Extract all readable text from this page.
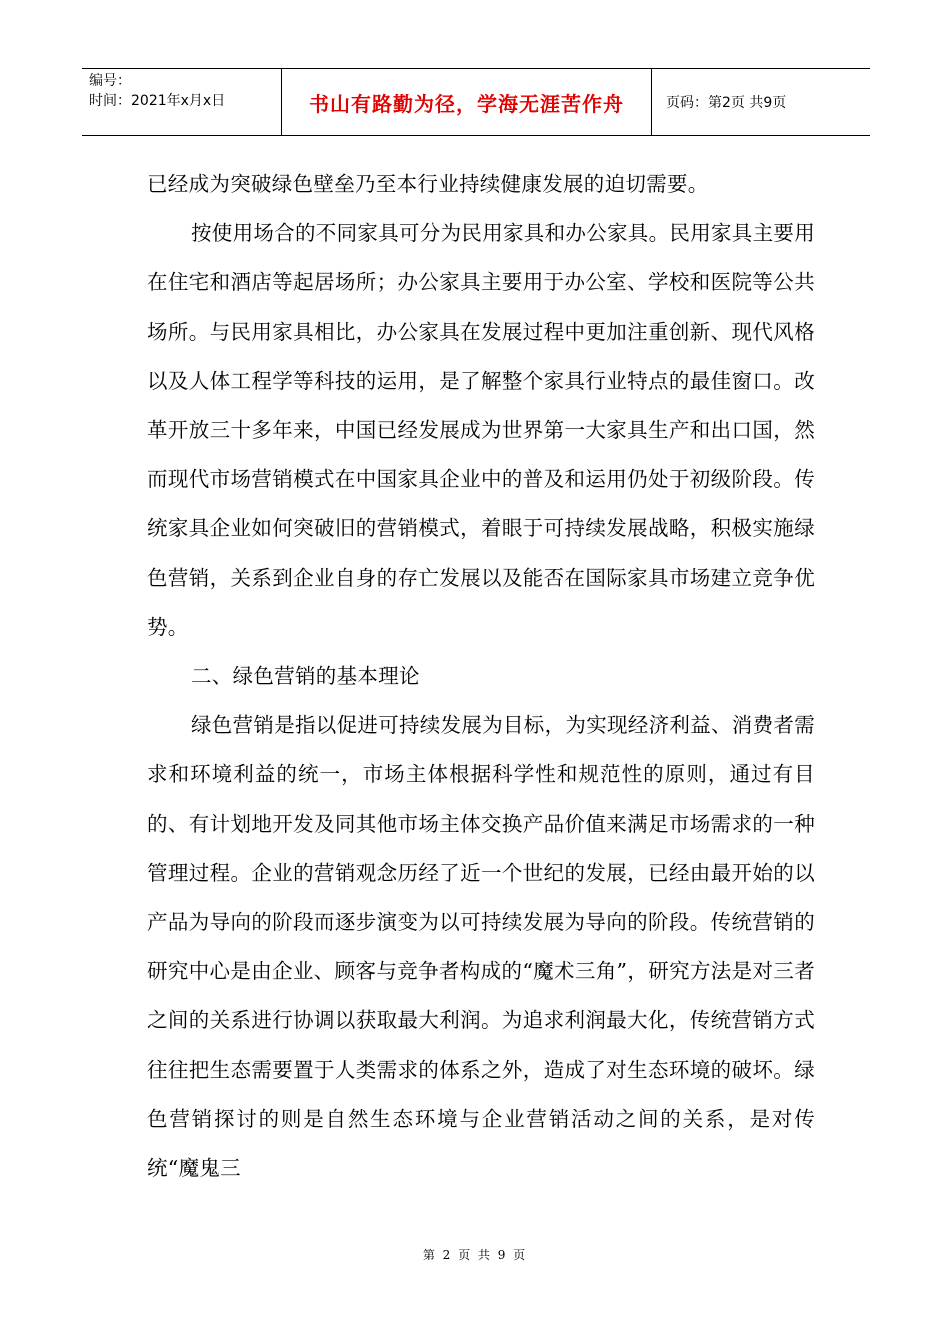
编号：
时间：2021年x月x日	书山有路勤为径，学海无涯苦作舟	页码：第2页 共9页

已经成为突破绿色壁垒乃至本行业持续健康发展的迫切需要。

按使用场合的不同家具可分为民用家具和办公家具。民用家具主要用在住宅和酒店等起居场所；办公家具主要用于办公室、学校和医院等公共场所。与民用家具相比，办公家具在发展过程中更加注重创新、现代风格以及人体工程学等科技的运用，是了解整个家具行业特点的最佳窗口。改革开放三十多年来，中国已经发展成为世界第一大家具生产和出口国，然而现代市场营销模式在中国家具企业中的普及和运用仍处于初级阶段。传统家具企业如何突破旧的营销模式，着眼于可持续发展战略，积极实施绿色营销，关系到企业自身的存亡发展以及能否在国际家具市场建立竞争优势。

二、绿色营销的基本理论

绿色营销是指以促进可持续发展为目标，为实现经济利益、消费者需求和环境利益的统一，市场主体根据科学性和规范性的原则，通过有目的、有计划地开发及同其他市场主体交换产品价值来满足市场需求的一种管理过程。企业的营销观念历经了近一个世纪的发展，已经由最开始的以产品为导向的阶段而逐步演变为以可持续发展为导向的阶段。传统营销的研究中心是由企业、顾客与竞争者构成的“魔术三角”，研究方法是对三者之间的关系进行协调以获取最大利润。为追求利润最大化，传统营销方式往往把生态需要置于人类需求的体系之外，造成了对生态环境的破坏。绿色营销探讨的则是自然生态环境与企业营销活动之间的关系，是对传统“魔鬼三

第 2 页 共 9 页
